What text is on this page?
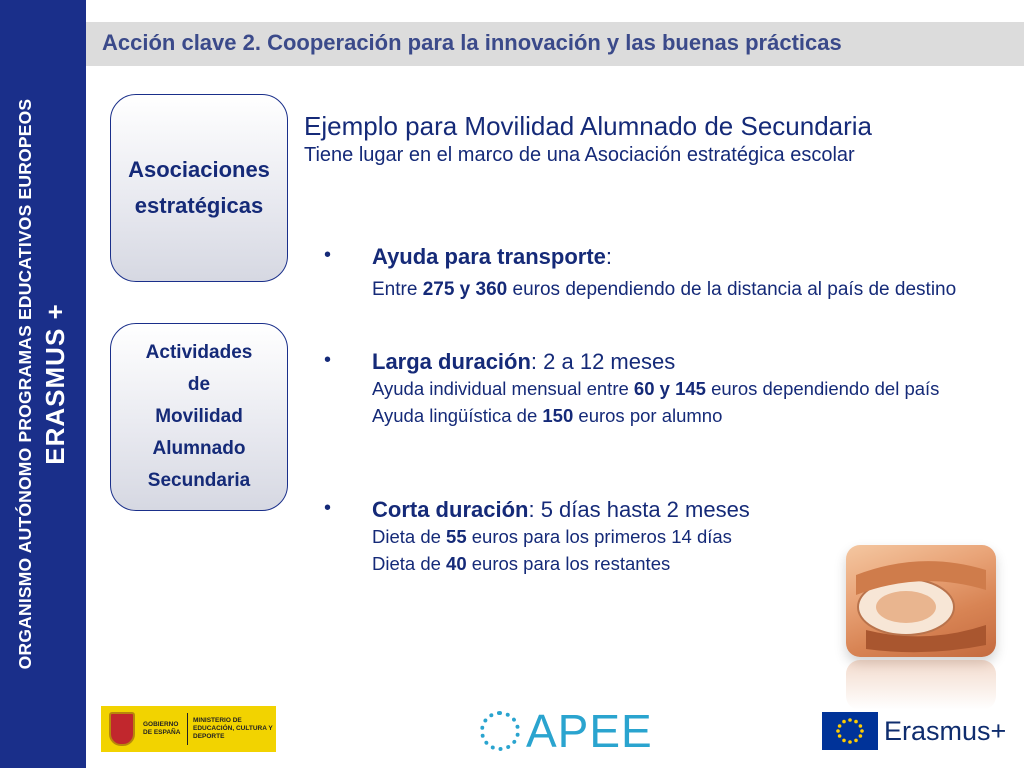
ORGANISMO AUTÓNOMO PROGRAMAS EDUCATIVOS EUROPEOS ERASMUS +
Acción clave 2. Cooperación para la innovación y las buenas prácticas
Asociaciones
estratégicas
Actividades
de
Movilidad
Alumnado
Secundaria
Ejemplo para Movilidad Alumnado de Secundaria
Tiene lugar en el marco de una Asociación estratégica escolar
• Ayuda para transporte:
Entre 275 y 360 euros dependiendo de la distancia al país de destino
• Larga duración: 2 a 12 meses
Ayuda individual mensual entre 60 y 145 euros dependiendo del país
Ayuda lingüística de 150 euros por alumno
• Corta duración: 5 días hasta 2 meses
Dieta de 55 euros para los primeros 14 días
Dieta de 40 euros para los restantes
GOBIERNO DE ESPAÑA
MINISTERIO DE EDUCACIÓN, CULTURA Y DEPORTE	APEE	Erasmus+
